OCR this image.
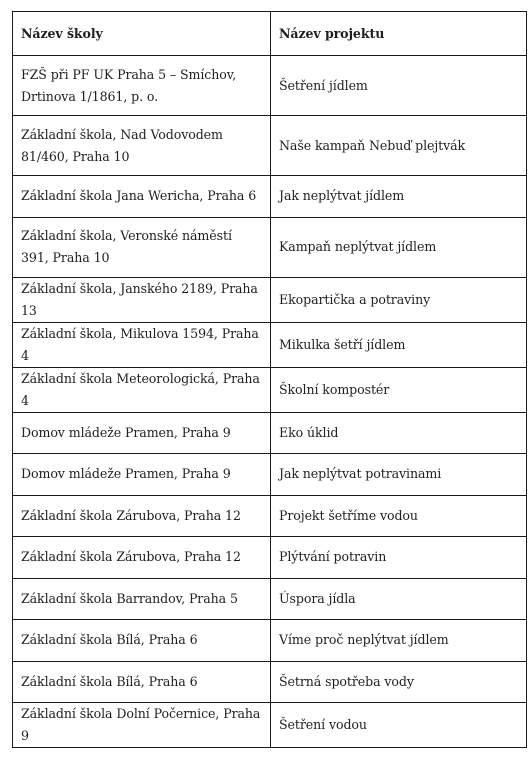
Název školy	Název projektu
FZŠ při PF UK Praha 5 – Smíchov, Drtinova 1/1861, p. o.	Šetření jídlem
Základní škola, Nad Vodovodem 81/460, Praha 10	Naše kampaň Nebuď plejtvák
Základní škola Jana Wericha, Praha 6	Jak neplýtvat jídlem
Základní škola, Veronské náměstí 391, Praha 10	Kampaň neplýtvat jídlem
Základní škola, Janského 2189, Praha 13	Ekopartička a potraviny
Základní škola, Mikulova 1594, Praha 4	Mikulka šetří jídlem
Základní škola Meteorologická, Praha 4	Školní kompostér
Domov mládeže Pramen, Praha 9	Eko úklid
Domov mládeže Pramen, Praha 9	Jak neplýtvat potravinami
Základní škola Zárubova, Praha 12	Projekt šetříme vodou
Základní škola Zárubova, Praha 12	Plýtvání potravin
Základní škola Barrandov, Praha 5	Úspora jídla
Základní škola Bílá, Praha 6	Víme proč neplýtvat jídlem
Základní škola Bílá, Praha 6	Šetrná spotřeba vody
Základní škola Dolní Počernice, Praha 9	Šetření vodou
